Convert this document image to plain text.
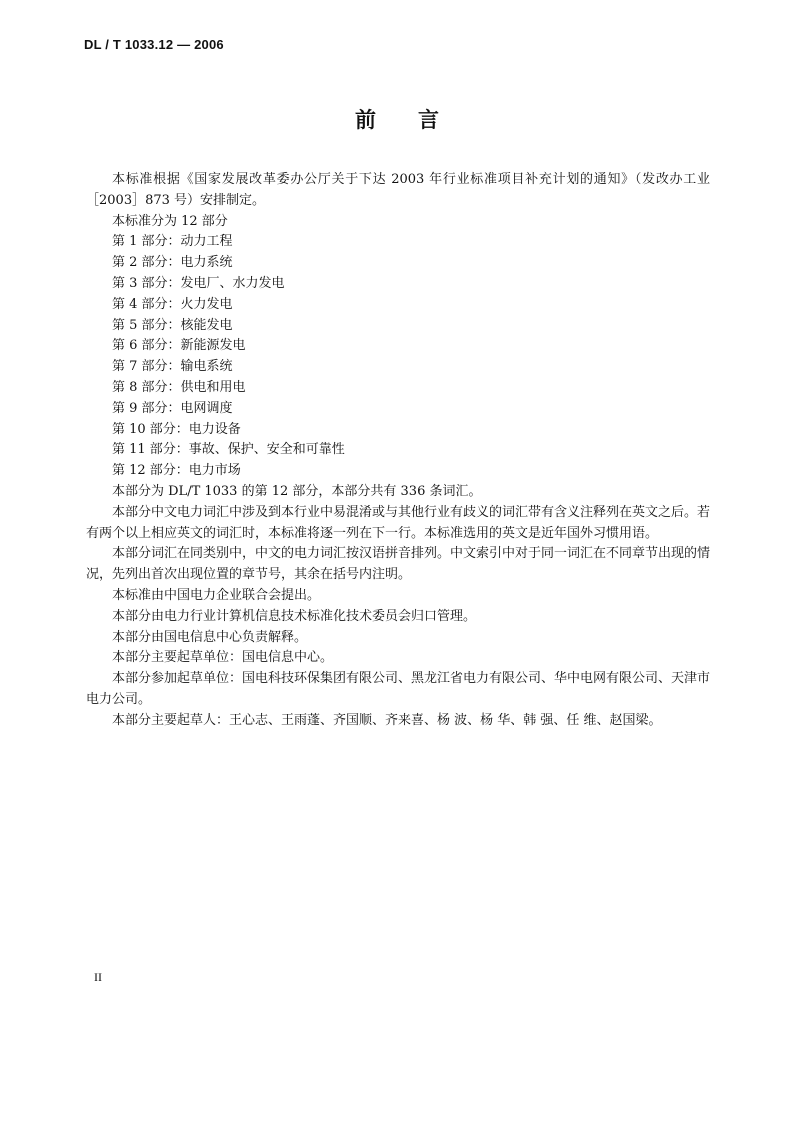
DL / T 1033.12 — 2006
前 言

本标准根据《国家发展改革委办公厅关于下达 2003 年行业标准项目补充计划的通知》（发改办工业［2003］873 号）安排制定。

本标准分为 12 部分

第 1 部分：动力工程

第 2 部分：电力系统

第 3 部分：发电厂、水力发电

第 4 部分：火力发电

第 5 部分：核能发电

第 6 部分：新能源发电

第 7 部分：输电系统

第 8 部分：供电和用电

第 9 部分：电网调度

第 10 部分：电力设备

第 11 部分：事故、保护、安全和可靠性

第 12 部分：电力市场

本部分为 DL/T 1033 的第 12 部分，本部分共有 336 条词汇。

本部分中文电力词汇中涉及到本行业中易混淆或与其他行业有歧义的词汇带有含义注释列在英文之后。若有两个以上相应英文的词汇时，本标准将逐一列在下一行。本标准选用的英文是近年国外习惯用语。

本部分词汇在同类别中，中文的电力词汇按汉语拼音排列。中文索引中对于同一词汇在不同章节出现的情况，先列出首次出现位置的章节号，其余在括号内注明。

本标准由中国电力企业联合会提出。

本部分由电力行业计算机信息技术标准化技术委员会归口管理。

本部分由国电信息中心负责解释。

本部分主要起草单位：国电信息中心。

本部分参加起草单位：国电科技环保集团有限公司、黑龙江省电力有限公司、华中电网有限公司、天津市电力公司。

本部分主要起草人：王心志、王雨蓬、齐国顺、齐来喜、杨 波、杨 华、韩 强、任 维、赵国梁。

II
